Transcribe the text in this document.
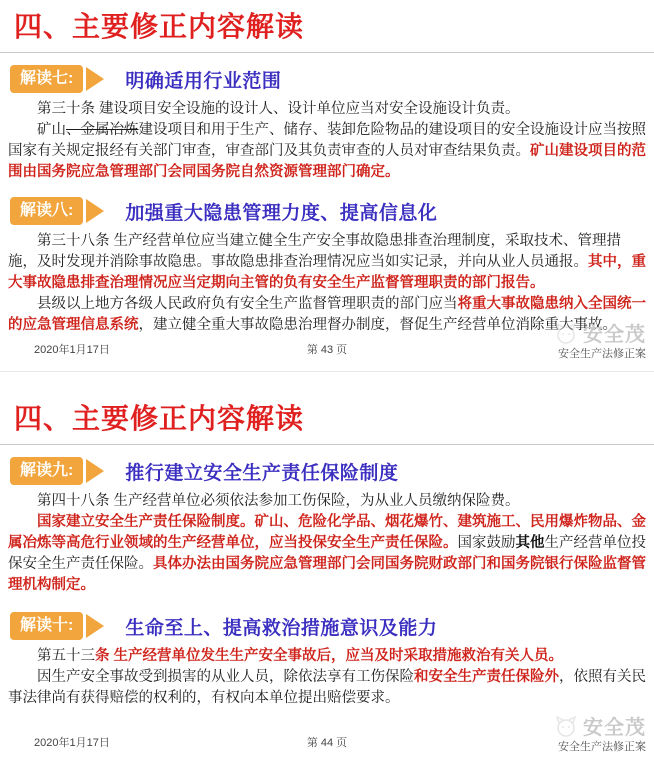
四、主要修正内容解读
解读七:	明确适用行业范围

第三十条 建设项目安全设施的设计人、设计单位应当对安全设施设计负责。

矿山、金属冶炼建设项目和用于生产、储存、装卸危险物品的建设项目的安全设施设计应当按照国家有关规定报经有关部门审查，审查部门及其负责审查的人员对审查结果负责。矿山建设项目的范围由国务院应急管理部门会同国务院自然资源管理部门确定。

解读八:	加强重大隐患管理力度、提高信息化

第三十八条 生产经营单位应当建立健全生产安全事故隐患排查治理制度，采取技术、管理措施，及时发现并消除事故隐患。事故隐患排查治理情况应当如实记录，并向从业人员通报。其中，重大事故隐患排查治理情况应当定期向主管的负有安全生产监督管理职责的部门报告。

县级以上地方各级人民政府负有安全生产监督管理职责的部门应当将重大事故隐患纳入全国统一的应急管理信息系统，建立健全重大事故隐患治理督办制度，督促生产经营单位消除重大事故。

2020年1月17日	第 43 页
安全茂
安全生产法修正案
四、主要修正内容解读
解读九:	推行建立安全生产责任保险制度

第四十八条 生产经营单位必须依法参加工伤保险，为从业人员缴纳保险费。

国家建立安全生产责任保险制度。矿山、危险化学品、烟花爆竹、建筑施工、民用爆炸物品、金属冶炼等高危行业领域的生产经营单位，应当投保安全生产责任保险。国家鼓励其他生产经营单位投保安全生产责任保险。具体办法由国务院应急管理部门会同国务院财政部门和国务院银行保险监督管理机构制定。

解读十:	生命至上、提高救治措施意识及能力

第五十三条 生产经营单位发生生产安全事故后，应当及时采取措施救治有关人员。

因生产安全事故受到损害的从业人员，除依法享有工伤保险和安全生产责任保险外，依照有关民事法律尚有获得赔偿的权利的，有权向本单位提出赔偿要求。

2020年1月17日	第 44 页
安全茂
安全生产法修正案
